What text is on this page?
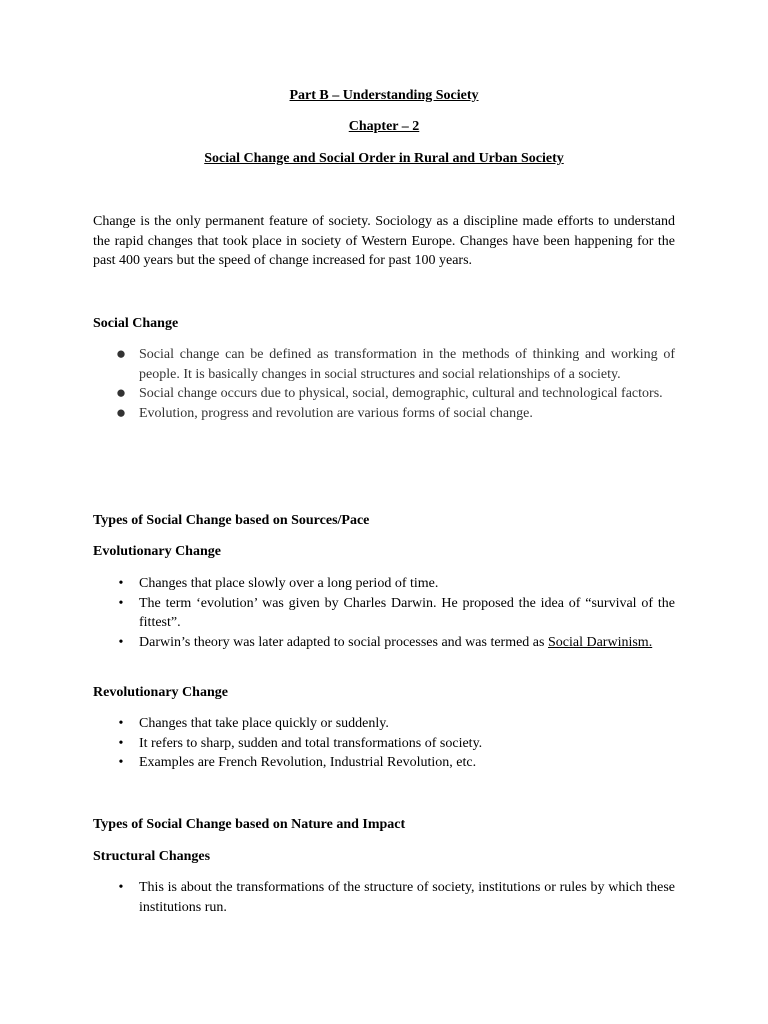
Part B – Understanding Society

Chapter – 2

Social Change and Social Order in Rural and Urban Society

Change is the only permanent feature of society. Sociology as a discipline made efforts to understand the rapid changes that took place in society of Western Europe. Changes have been happening for the past 400 years but the speed of change increased for past 100 years.

Social Change

● Social change can be defined as transformation in the methods of thinking and working of people. It is basically changes in social structures and social relationships of a society.
● Social change occurs due to physical, social, demographic, cultural and technological factors.
● Evolution, progress and revolution are various forms of social change.

Types of Social Change based on Sources/Pace

Evolutionary Change

• Changes that place slowly over a long period of time.
• The term ‘evolution’ was given by Charles Darwin. He proposed the idea of “survival of the fittest”.
• Darwin’s theory was later adapted to social processes and was termed as Social Darwinism.

Revolutionary Change

• Changes that take place quickly or suddenly.
• It refers to sharp, sudden and total transformations of society.
• Examples are French Revolution, Industrial Revolution, etc.

Types of Social Change based on Nature and Impact

Structural Changes

• This is about the transformations of the structure of society, institutions or rules by which these institutions run.
